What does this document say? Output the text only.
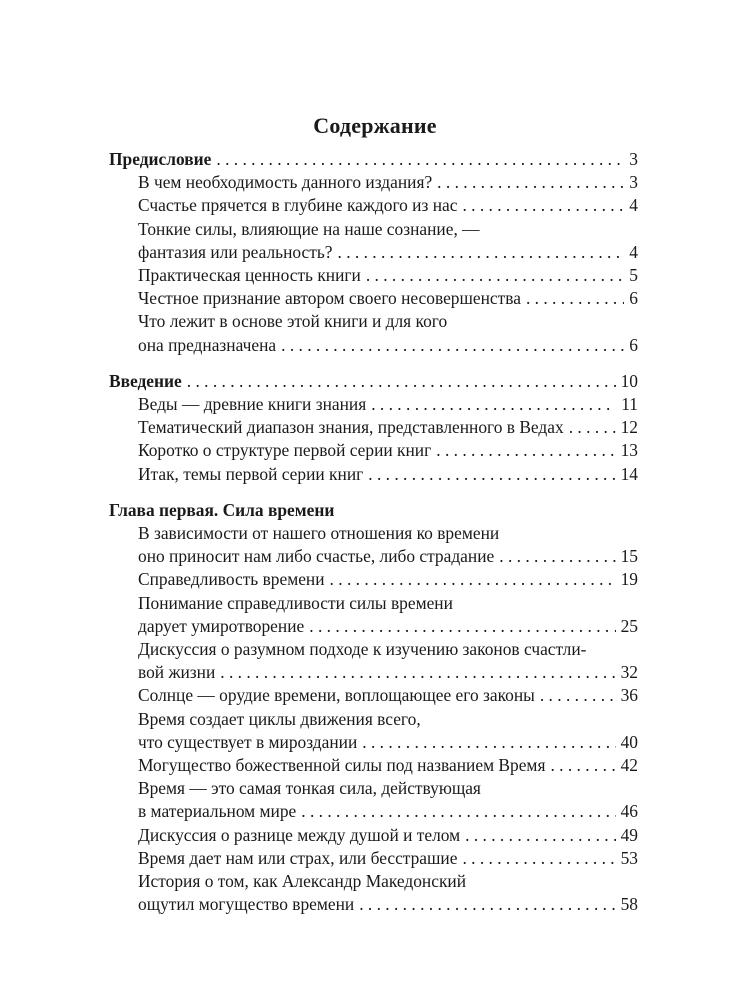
Содержание
Предисловие . . .	3
В чем необходимость данного издания? . . .	3
Счастье прячется в глубине каждого из нас . . .	4
Тонкие силы, влияющие на наше сознание, —
фантазия или реальность? . . .	4
Практическая ценность книги . . .	5
Честное признание автором своего несовершенства . . .	6
Что лежит в основе этой книги и для кого
она предназначена . . .	6
Введение . . .	10
Веды — древние книги знания . . .	11
Тематический диапазон знания, представленного в Ведах . . .	12
Коротко о структуре первой серии книг . . .	13
Итак, темы первой серии книг . . .	14
Глава первая. Сила времени
В зависимости от нашего отношения ко времени
оно приносит нам либо счастье, либо страдание . . .	15
Справедливость времени . . .	19
Понимание справедливости силы времени
дарует умиротворение . . .	25
Дискуссия о разумном подходе к изучению законов счастли-
вой жизни . . .	32
Солнце — орудие времени, воплощающее его законы . . .	36
Время создает циклы движения всего,
что существует в мироздании . . .	40
Могущество божественной силы под названием Время . . .	42
Время — это самая тонкая сила, действующая
в материальном мире . . .	46
Дискуссия о разнице между душой и телом . . .	49
Время дает нам или страх, или бесстрашие . . .	53
История о том, как Александр Македонский
ощутил могущество времени . . .	58
